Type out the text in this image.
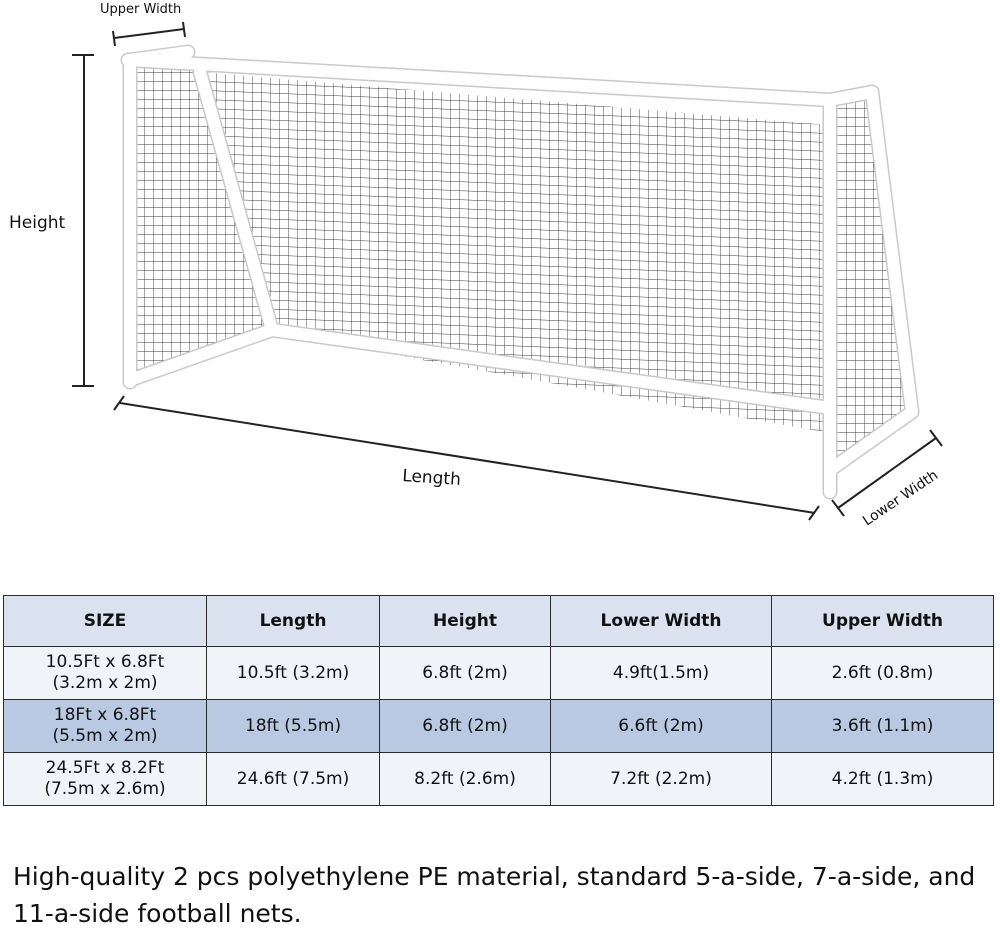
Upper Width
Height
Length	Lower Width
SIZE	Length	Height	Lower Width	Upper Width
10.5Ft x 6.8Ft
(3.2m x 2m)	10.5ft (3.2m)	6.8ft (2m)	4.9ft(1.5m)	2.6ft (0.8m)
18Ft x 6.8Ft
(5.5m x 2m)	18ft (5.5m)	6.8ft (2m)	6.6ft (2m)	3.6ft (1.1m)
24.5Ft x 8.2Ft
(7.5m x 2.6m)	24.6ft (7.5m)	8.2ft (2.6m)	7.2ft (2.2m)	4.2ft (1.3m)
High-quality 2 pcs polyethylene PE material, standard 5-a-side, 7-a-side, and 11-a-side football nets.
